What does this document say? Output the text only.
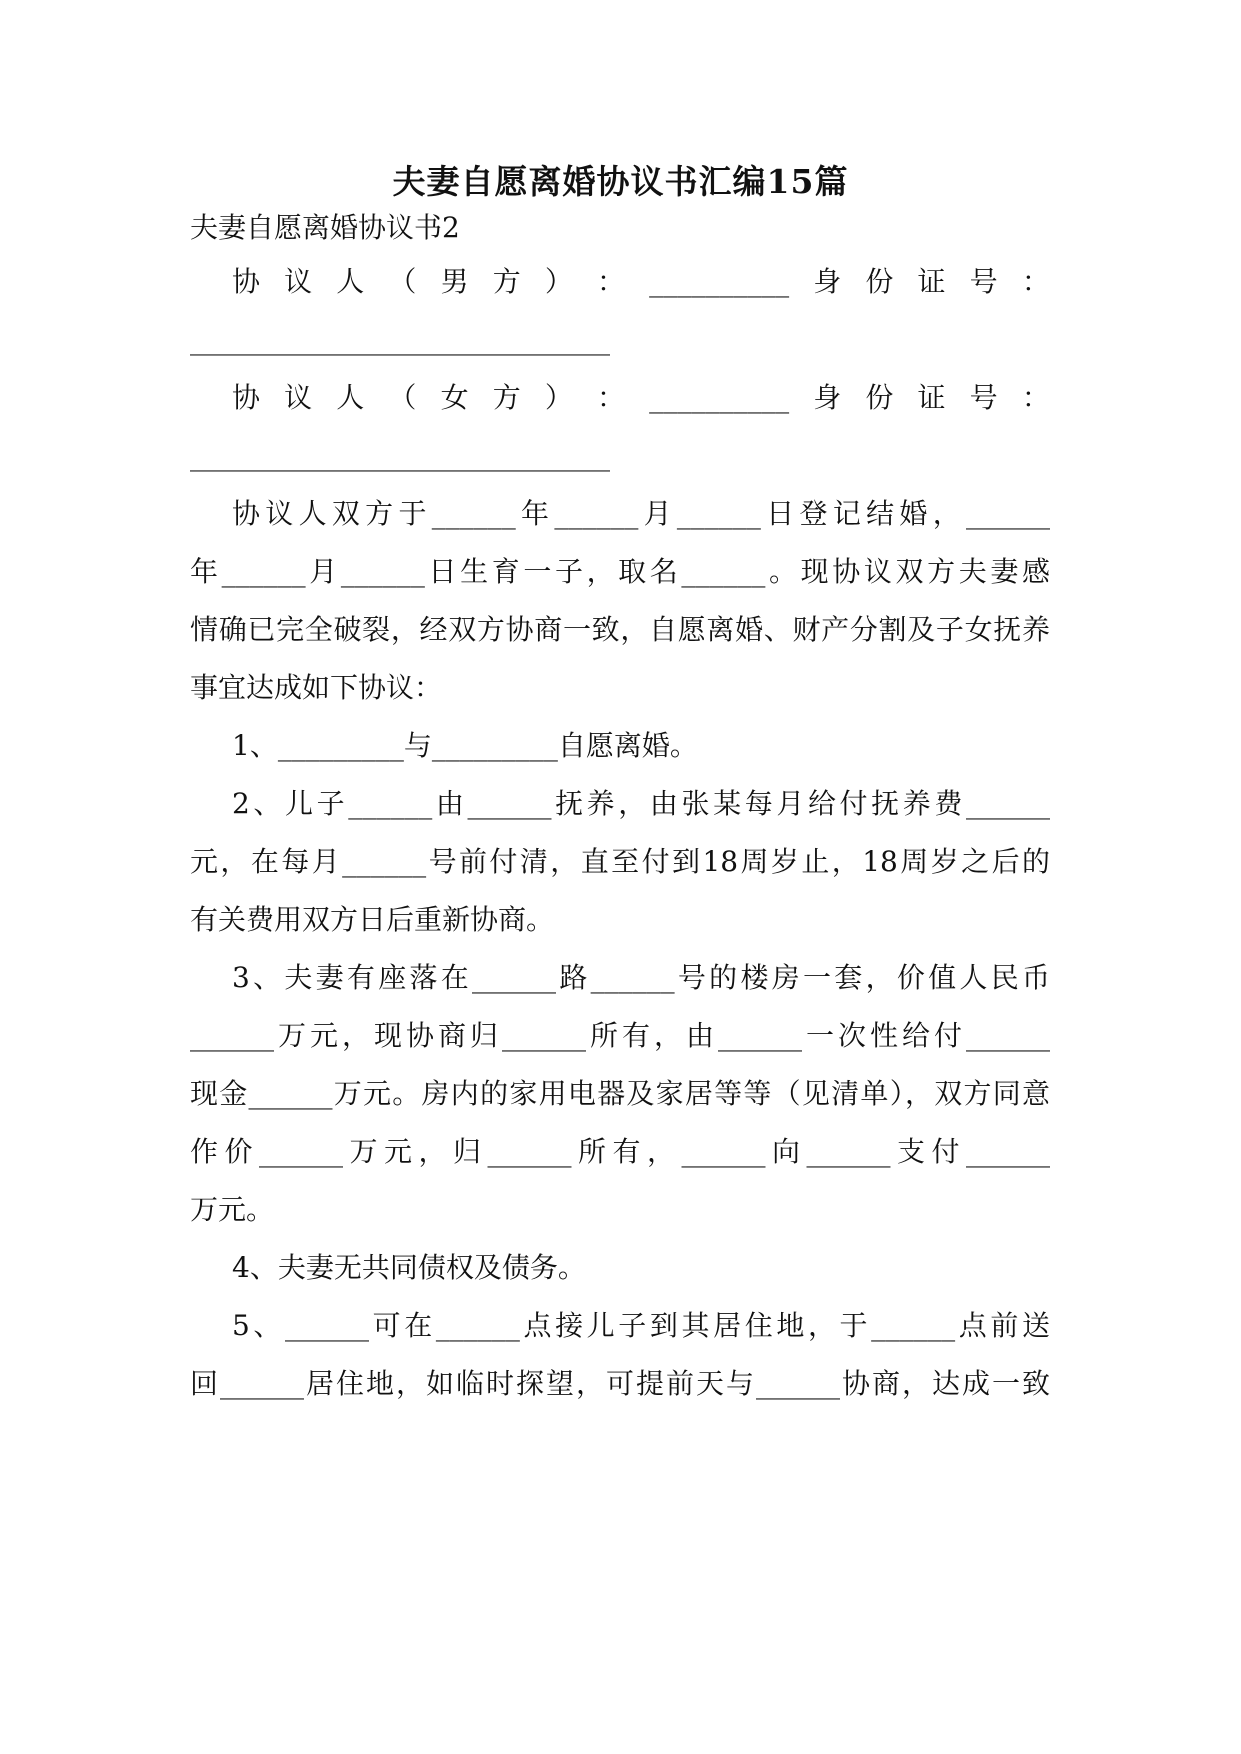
夫妻自愿离婚协议书汇编15篇
夫妻自愿离婚协议书2
协 议 人 （ 男 方 ） ： __________ 身 份 证 号 ：
______________________________
协 议 人 （ 女 方 ） ： __________ 身 份 证 号 ：
______________________________
协议人双方于______年______月______日登记结婚，______
年______月______日生育一子，取名______。现协议双方夫妻感
情确已完全破裂，经双方协商一致，自愿离婚、财产分割及子女抚养
事宜达成如下协议：
1、_________与_________自愿离婚。
2、儿子______由______抚养，由张某每月给付抚养费______
元，在每月______号前付清，直至付到18周岁止，18周岁之后的
有关费用双方日后重新协商。
3、夫妻有座落在______路______号的楼房一套，价值人民币
______万元，现协商归______所有，由______一次性给付______
现金______万元。房内的家用电器及家居等等（见清单），双方同意
作价______万元，归______所有，______向______支付______
万元。
4、夫妻无共同债权及债务。
5、______可在______点接儿子到其居住地，于______点前送
回______居住地，如临时探望，可提前天与______协商，达成一致
